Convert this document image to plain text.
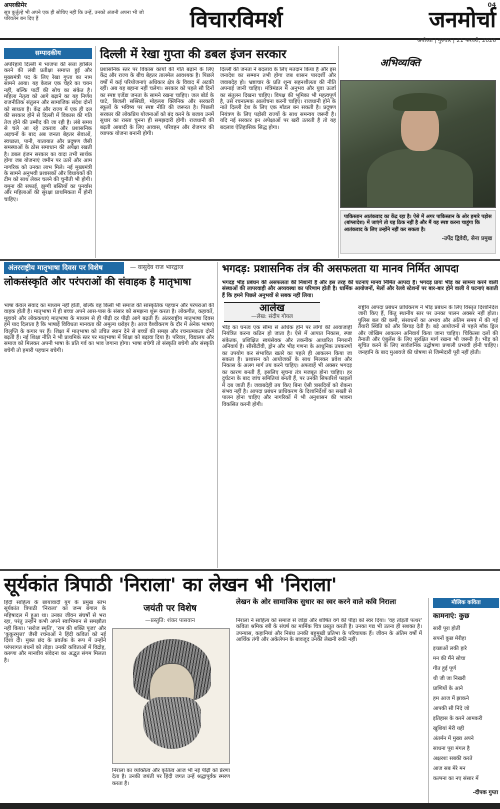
अपरकीमेर
सूत्र कुर्तुल्हे भी अपने एक ही सोचिए नहीं कि उन्हें, उनको अंजनी अपना भी जो परिवर्तन बन दिए हैं	विचारविमर्श	जनमोर्चा
अयोध्या | गुरुवार | 21 फरवरी, 2026
04
सम्पादकीय
अपरिहार्य दिल्ली में भाजपा की सत्ता हासिल करने की लंबी प्रतीक्षा समाप्त हुई और मुख्यमंत्री पद के लिए रेखा गुप्ता का नाम सामने आया। यह केवल एक चेहरे का चयन नहीं, बल्कि पार्टी की सोच का संकेत है। महिला नेतृत्व को आगे बढ़ाने का यह निर्णय राजनीतिक संतुलन और सामाजिक संदेश दोनों को साधता है। केंद्र और राज्य में एक ही दल की सरकार होने से दिल्ली में विकास की गति तेज होने की उम्मीद की जा रही है। लंबे समय से चले आ रहे टकराव और प्रशासनिक अड़चनों के बाद अब जनता बेहतर सेवाओं, स्वच्छता, पानी, यातायात और प्रदूषण जैसी समस्याओं के ठोस समाधान की अपेक्षा रखती है। डबल इंजन सरकार का वादा तभी सार्थक होगा जब योजनाएं जमीन पर उतरें और आम नागरिक को उनका लाभ मिले। नई मुख्यमंत्री के सामने अनुभवी प्रशासकों और विधायकों की टीम को साथ लेकर चलने की चुनौती भी होगी। यमुना की सफाई, झुग्गी बस्तियों का पुनर्वास और महिलाओं की सुरक्षा प्राथमिकता में होनी चाहिए।
दिल्ली में रेखा गुप्ता की डबल इंजन सरकार
प्रशासनिक स्तर पर विकास कार्यों की गति बढ़ाने के लिए केंद्र और राज्य के बीच बेहतर तालमेल आवश्यक है। पिछले वर्षों में कई परियोजनाएं अधिकार क्षेत्र के विवाद में अटकी रहीं। अब यह बहाना नहीं चलेगा। सरकार को पहले सौ दिनों का स्पष्ट एजेंडा जनता के सामने रखना चाहिए। जल बोर्ड के घाटे, बिजली सब्सिडी, मोहल्ला क्लिनिक और सरकारी स्कूलों के भविष्य पर स्पष्ट नीति की जरूरत है। पिछली सरकार की लोकप्रिय योजनाओं को बंद करने के बजाय उनमें सुधार का रास्ता चुनना ही समझदारी होगी। राजधानी की बढ़ती आबादी के लिए आवास, परिवहन और रोजगार की व्यापक योजना बनानी होगी।
दिल्ली की जनता ने बदलाव के लिए मतदान किया है और इस जनादेश का सम्मान तभी होगा जब शासन पारदर्शी और जवाबदेह हो। भ्रष्टाचार के प्रति शून्य सहनशीलता की नीति अपनाई जानी चाहिए। मंत्रिमंडल में अनुभव और युवा ऊर्जा का संतुलन दिखना चाहिए। विपक्ष की भूमिका भी महत्वपूर्ण है, उसे रचनात्मक आलोचना करनी चाहिए। राजधानी होने के नाते दिल्ली देश के लिए एक मॉडल बन सकती है। प्रदूषण नियंत्रण के लिए पड़ोसी राज्यों के साथ समन्वय जरूरी है। यदि नई सरकार इन अपेक्षाओं पर खरी उतरती है तो यह बदलाव ऐतिहासिक सिद्ध होगा।
अभिव्यक्ति
पाकिस्तान आतंकवाद का केंद्र रहा है। ऐसे में अगर पाकिस्तान के ओर हमारे पड़ोस (बांग्लादेश) में जाएंगे तो यह ठिक नहीं है और मैं यह स्पष्ट करना चाहूंगा कि आतंकवाद के लिए उन्होंने नहीं कर सकता है।
-उपेंद्र द्विवेदी, सेना प्रमुख
अंतरराष्ट्रीय मातृभाषा दिवस पर विशेष	— वासुदेव राज भारद्वाज
लोकसंस्कृति और परंपराओं की संवाहक है मातृभाषा
भाषा केवल संवाद का माध्यम नहीं होती, बल्कि वह किसी भी समाज की सांस्कृतिक पहचान और परंपराओं की वाहक होती है। मातृभाषा में ही बच्चा अपने आस-पास के संसार को समझना शुरू करता है। लोकगीत, कहावतें, मुहावरे और लोककथाएं मातृभाषा के माध्यम से ही पीढ़ी दर पीढ़ी आगे बढ़ती हैं। अंतरराष्ट्रीय मातृभाषा दिवस हमें याद दिलाता है कि भाषाई विविधता मानवता की अमूल्य धरोहर है। आज वैश्वीकरण के दौर में अनेक भाषाएं विलुप्ति के कगार पर हैं। शिक्षा में मातृभाषा को उचित स्थान देने से बच्चों की समझ और रचनात्मकता दोनों बढ़ती हैं। नई शिक्षा नीति ने भी प्राथमिक स्तर पर मातृभाषा में शिक्षा को बढ़ावा दिया है। परिवार, विद्यालय और समाज को मिलकर अपनी भाषा के प्रति गर्व का भाव जगाना होगा। भाषा बचेगी तो संस्कृति बचेगी और संस्कृति बचेगी तो हमारी पहचान बचेगी।
भगदड़: प्रशासनिक तंत्र की असफलता या मानव निर्मित आपदा
भगदड़ भीड़ प्रबंधन की असफलता की निशानी है और इस तरह की घटनाएं मानव निर्मित आपदा हैं। भगदड़ प्रायः भीड़ का सामना करने वाली संस्थाओं की लापरवाही और अव्यवस्था का परिणाम होती है। धार्मिक आयोजनों, मेलों और रेलवे स्टेशनों पर बार-बार होने वाली ये घटनाएं बताती हैं कि हमने पिछले अनुभवों से सबक नहीं लिया।
आलेख
—लेख: संदीप गोयल
भीड़ का घनत्व एक सीमा से अधिक होने पर लोगों की आवाजाही नियंत्रित करना कठिन हो जाता है। ऐसे में आपात निकास, स्पष्ट संकेतक, प्रशिक्षित स्वयंसेवक और तकनीक आधारित निगरानी अनिवार्य है। सीसीटीवी, ड्रोन और भीड़ गणना के आधुनिक उपकरणों का उपयोग कर संभावित खतरे का पहले ही आकलन किया जा सकता है। प्रशासन को आयोजकों के साथ मिलकर प्रवेश और निकास के अलग मार्ग तय करने चाहिए। अफवाहें भी अक्सर भगदड़ का कारण बनती हैं, इसलिए सूचना तंत्र मजबूत होना चाहिए। हर दुर्घटना के बाद जांच समितियां बनती हैं, पर उनकी सिफारिशें फाइलों में दब जाती हैं। जवाबदेही तय किए बिना ऐसी त्रासदियों को रोकना संभव नहीं है। आपदा प्रबंधन प्राधिकरण के दिशानिर्देशों का सख्ती से पालन होना चाहिए और नागरिकों में भी अनुशासन की भावना विकसित करनी होगी।
राष्ट्रीय आपदा प्रबंधन प्राधिकरण ने भीड़ प्रबंधन के लिए विस्तृत दिशानिर्देश जारी किए हैं, किंतु स्थानीय स्तर पर उनका पालन अक्सर नहीं होता। पुलिस बल की कमी, संसाधनों का अभाव और अंतिम समय में की गई तैयारी स्थिति को और बिगाड़ देती है। बड़े आयोजनों से पहले मॉक ड्रिल और जोखिम आकलन अनिवार्य किया जाना चाहिए। चिकित्सा दलों की तैनाती और एंबुलेंस के लिए सुरक्षित मार्ग रखना भी जरूरी है। भीड़ को सूचित करने के लिए सार्वजनिक उद्घोषणा प्रणाली प्रभावी होनी चाहिए। जनहानि के बाद मुआवजे की घोषणा से जिम्मेदारी पूरी नहीं होती।
सूर्यकांत त्रिपाठी 'निराला' का लेखन भी 'निराला'
हिंदी साहित्य के छायावादी युग के प्रमुख स्तंभ सूर्यकांत त्रिपाठी 'निराला' का जन्म बंगाल के महिषादल में हुआ था। उनका जीवन संघर्षों से भरा रहा, परंतु उन्होंने कभी अपने स्वाभिमान से समझौता नहीं किया। 'सरोज स्मृति', 'राम की शक्ति पूजा' और 'कुकुरमुत्ता' जैसी रचनाओं ने हिंदी कविता को नई दिशा दी। मुक्त छंद के प्रवर्तक के रूप में उन्होंने परंपरागत बंधनों को तोड़ा। उनकी कविताओं में विद्रोह, करुणा और मानवीय संवेदना का अद्भुत संगम मिलता है।
जयंती पर विशेष
—प्रस्तुति: शंकर पासवान
निराला का व्यक्तित्व और कृतित्व आज भी नई पीढ़ी को प्रेरणा देता है। उनकी जयंती पर हिंदी जगत उन्हें श्रद्धापूर्वक स्मरण करता है।
लेखन के ओर सामाजिक सुधार का स्वर करने वाले कवि निराला
निराला ने साहित्य को समाज से जोड़ा और शोषित वर्ग की पीड़ा को स्वर दिया। 'वह तोड़ती पत्थर' कविता श्रमिक स्त्री के संघर्ष का मार्मिक चित्र प्रस्तुत करती है। उनका गद्य भी उतना ही सशक्त है। उपन्यास, कहानियां और निबंध उनकी बहुमुखी प्रतिभा के परिचायक हैं। जीवन के अंतिम वर्षों में आर्थिक तंगी और अकेलेपन के बावजूद उनकी लेखनी रुकी नहीं।
मौलिक कविता
कामनाएं: कुछ
सारी पूरा होतीं
सपनों कुछ मेरीहा
इच्छाओं लकी हारे
मन की मैंने सोचा
गीत हुई पूर्ण
थी जी जा निखरी
प्राणियों के आने
हम आज में झाकने
आपकी सी निंदे जो
इतिहास के करने आमकरी
खुशियां मेरी यही
अंतर्मन में मुख्य अपने
साधना पूरा मंगल है
अक्षरशः सबकी करते
आज सब मेरे मन
कल्पना का नए संसार में
-दीपक गुप्ता
